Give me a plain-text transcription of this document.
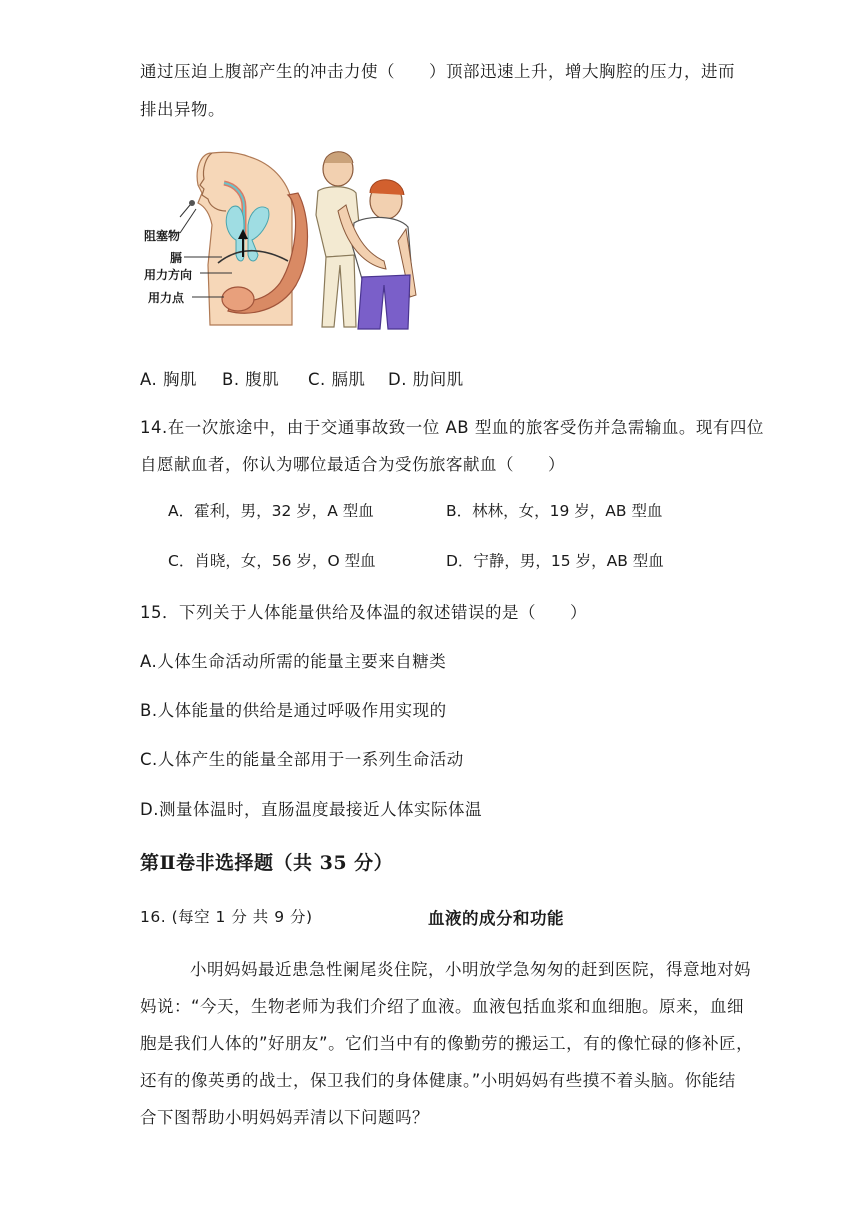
通过压迫上腹部产生的冲击力使（　　）顶部迅速上升，增大胸腔的压力，进而
排出异物。
阻塞物
膈
用力方向
用力点
A. 胸肌 B. 腹肌 C. 膈肌 D. 肋间肌
14.在一次旅途中，由于交通事故致一位 AB 型血的旅客受伤并急需输血。现有四位
自愿献血者，你认为哪位最适合为受伤旅客献血（　　）
A．霍利，男，32 岁，A 型血	B．林林，女，19 岁，AB 型血
C．肖晓，女，56 岁，O 型血	D．宁静，男，15 岁，AB 型血
15．下列关于人体能量供给及体温的叙述错误的是（　　）
A.人体生命活动所需的能量主要来自糖类
B.人体能量的供给是通过呼吸作用实现的
C.人体产生的能量全部用于一系列生命活动
D.测量体温时，直肠温度最接近人体实际体温
第Ⅱ卷非选择题（共 35 分）
16. (每空 1 分 共 9 分)	血液的成分和功能
小明妈妈最近患急性阑尾炎住院，小明放学急匆匆的赶到医院，得意地对妈
妈说：“今天，生物老师为我们介绍了血液。血液包括血浆和血细胞。原来，血细
胞是我们人体的”好朋友”。它们当中有的像勤劳的搬运工，有的像忙碌的修补匠，
还有的像英勇的战士，保卫我们的身体健康。”小明妈妈有些摸不着头脑。你能结
合下图帮助小明妈妈弄清以下问题吗？
